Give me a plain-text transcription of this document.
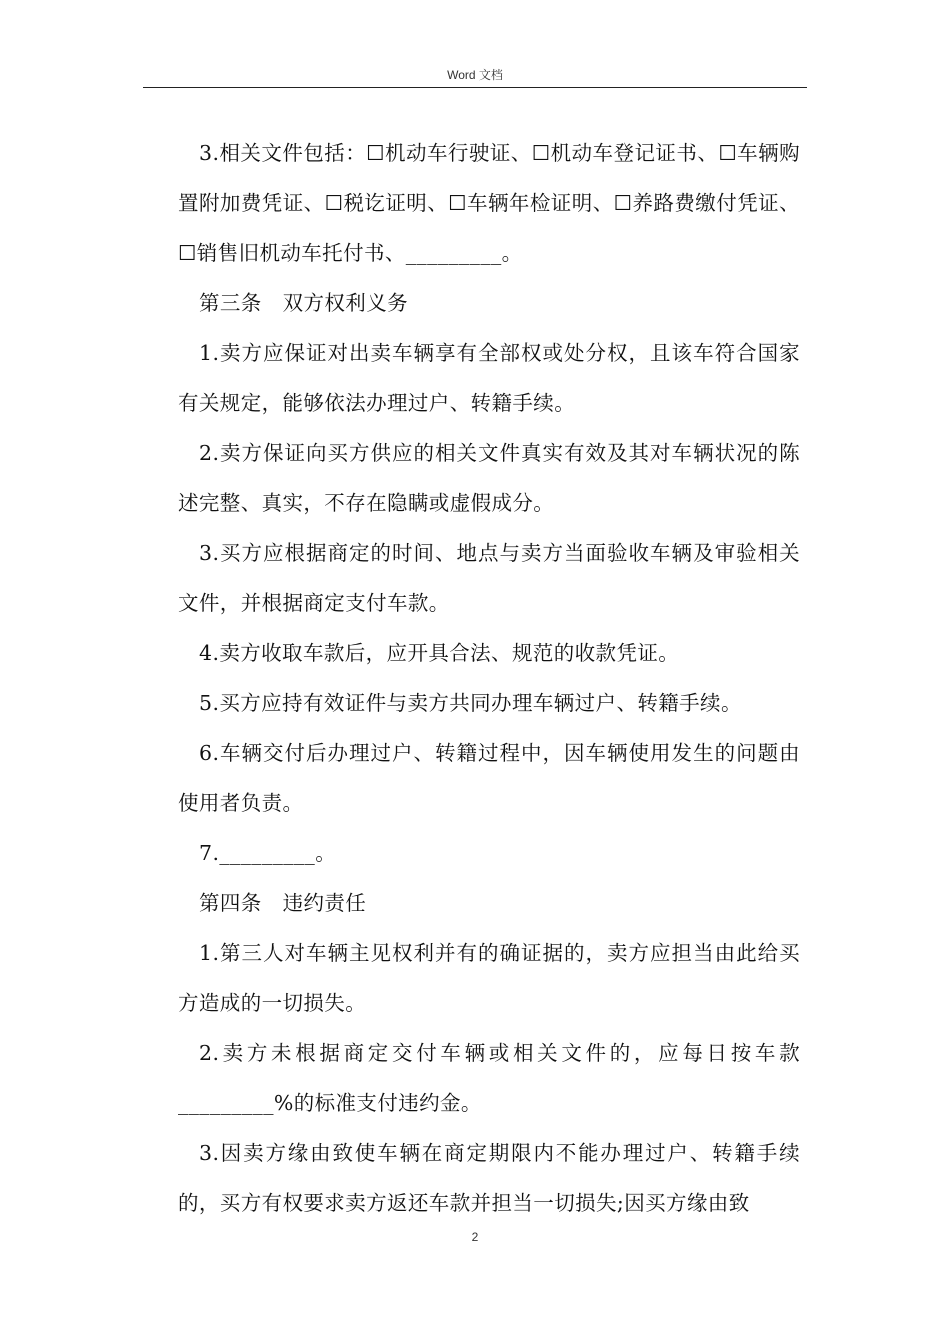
Word 文档

3.相关文件包括：☐机动车行驶证、☐机动车登记证书、☐车辆购置附加费凭证、☐税讫证明、☐车辆年检证明、☐养路费缴付凭证、☐销售旧机动车托付书、_________。

第三条　双方权利义务

1.卖方应保证对出卖车辆享有全部权或处分权，且该车符合国家有关规定，能够依法办理过户、转籍手续。

2.卖方保证向买方供应的相关文件真实有效及其对车辆状况的陈述完整、真实，不存在隐瞒或虚假成分。

3.买方应根据商定的时间、地点与卖方当面验收车辆及审验相关文件，并根据商定支付车款。

4.卖方收取车款后，应开具合法、规范的收款凭证。

5.买方应持有效证件与卖方共同办理车辆过户、转籍手续。

6.车辆交付后办理过户、转籍过程中，因车辆使用发生的问题由使用者负责。

7._________。

第四条　违约责任

1.第三人对车辆主见权利并有的确证据的，卖方应担当由此给买方造成的一切损失。

2.卖方未根据商定交付车辆或相关文件的，应每日按车款_________%的标准支付违约金。

3.因卖方缘由致使车辆在商定期限内不能办理过户、转籍手续的，买方有权要求卖方返还车款并担当一切损失;因买方缘由致

2
